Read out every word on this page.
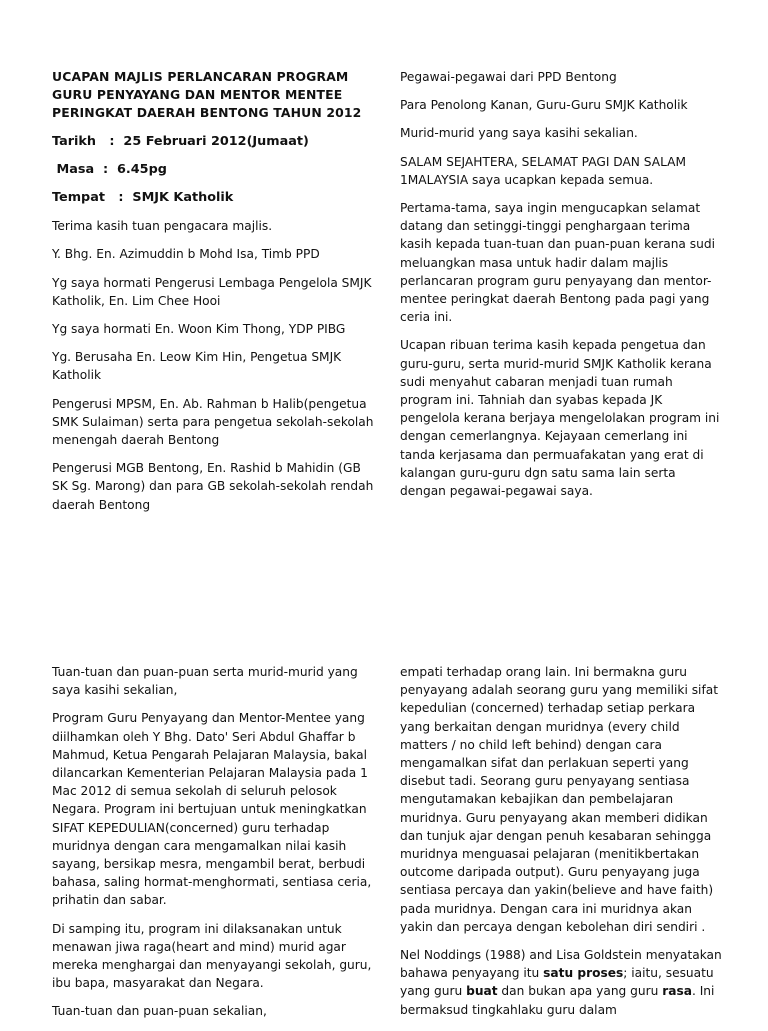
UCAPAN MAJLIS PERLANCARAN PROGRAM
GURU PENYAYANG DAN MENTOR MENTEE
PERINGKAT DAERAH BENTONG TAHUN 2012
Tarikh   :  25 Februari 2012(Jumaat)
Masa  :  6.45pg
Tempat   :  SMJK Katholik

Terima kasih tuan pengacara majlis.

Y. Bhg. En. Azimuddin b Mohd Isa, Timb PPD

Yg saya hormati Pengerusi Lembaga Pengelola SMJK Katholik, En. Lim Chee Hooi

Yg saya hormati En. Woon Kim Thong, YDP PIBG

Yg. Berusaha En. Leow Kim Hin, Pengetua SMJK Katholik

Pengerusi MPSM, En. Ab. Rahman b Halib(pengetua SMK Sulaiman) serta para pengetua sekolah-sekolah menengah daerah Bentong

Pengerusi MGB Bentong, En. Rashid b Mahidin (GB SK Sg. Marong) dan para GB sekolah-sekolah rendah daerah Bentong

Pegawai-pegawai dari PPD Bentong

Para Penolong Kanan, Guru-Guru SMJK Katholik

Murid-murid yang saya kasihi sekalian.

SALAM SEJAHTERA, SELAMAT PAGI DAN SALAM 1MALAYSIA saya ucapkan kepada semua.

Pertama-tama, saya ingin mengucapkan selamat datang dan setinggi-tinggi penghargaan terima kasih kepada tuan-tuan dan puan-puan kerana sudi meluangkan masa untuk hadir dalam majlis perlancaran program guru penyayang dan mentor-mentee peringkat daerah Bentong pada pagi yang ceria ini.

Ucapan ribuan terima kasih kepada pengetua dan guru-guru, serta murid-murid SMJK Katholik kerana sudi menyahut cabaran menjadi tuan rumah program ini. Tahniah dan syabas kepada JK pengelola kerana berjaya mengelolakan program ini dengan cemerlangnya. Kejayaan cemerlang ini tanda kerjasama dan permuafakatan yang erat di kalangan guru-guru dgn satu sama lain serta dengan pegawai-pegawai saya.

Tuan-tuan dan puan-puan serta murid-murid yang saya kasihi sekalian,

Program Guru Penyayang dan Mentor-Mentee yang diilhamkan oleh Y Bhg. Dato' Seri Abdul Ghaffar b Mahmud, Ketua Pengarah Pelajaran Malaysia, bakal dilancarkan Kementerian Pelajaran Malaysia pada 1 Mac 2012 di semua sekolah di seluruh pelosok Negara. Program ini bertujuan untuk meningkatkan SIFAT KEPEDULIAN(concerned) guru terhadap muridnya dengan cara mengamalkan nilai kasih sayang, bersikap mesra, mengambil berat, berbudi bahasa, saling hormat-menghormati, sentiasa ceria, prihatin dan sabar.

Di samping itu, program ini dilaksanakan untuk menawan jiwa raga(heart and mind) murid agar mereka menghargai dan menyayangi sekolah, guru, ibu bapa, masyarakat dan Negara.

Tuan-tuan dan puan-puan sekalian,

empati terhadap orang lain. Ini bermakna guru penyayang adalah seorang guru yang memiliki sifat kepedulian (concerned) terhadap setiap perkara yang berkaitan dengan muridnya (every child matters / no child left behind) dengan cara mengamalkan sifat dan perlakuan seperti yang disebut tadi. Seorang guru penyayang sentiasa mengutamakan kebajikan dan pembelajaran muridnya. Guru penyayang akan memberi didikan dan tunjuk ajar dengan penuh kesabaran sehingga muridnya menguasai pelajaran (menitikbertakan outcome daripada output). Guru penyayang juga sentiasa percaya dan yakin(believe and have faith) pada muridnya. Dengan cara ini muridnya akan yakin dan percaya dengan kebolehan diri sendiri .

Nel Noddings (1988) and Lisa Goldstein menyatakan bahawa penyayang itu satu proses; iaitu, sesuatu yang guru buat dan bukan apa yang guru rasa. Ini bermaksud tingkahlaku guru dalam
